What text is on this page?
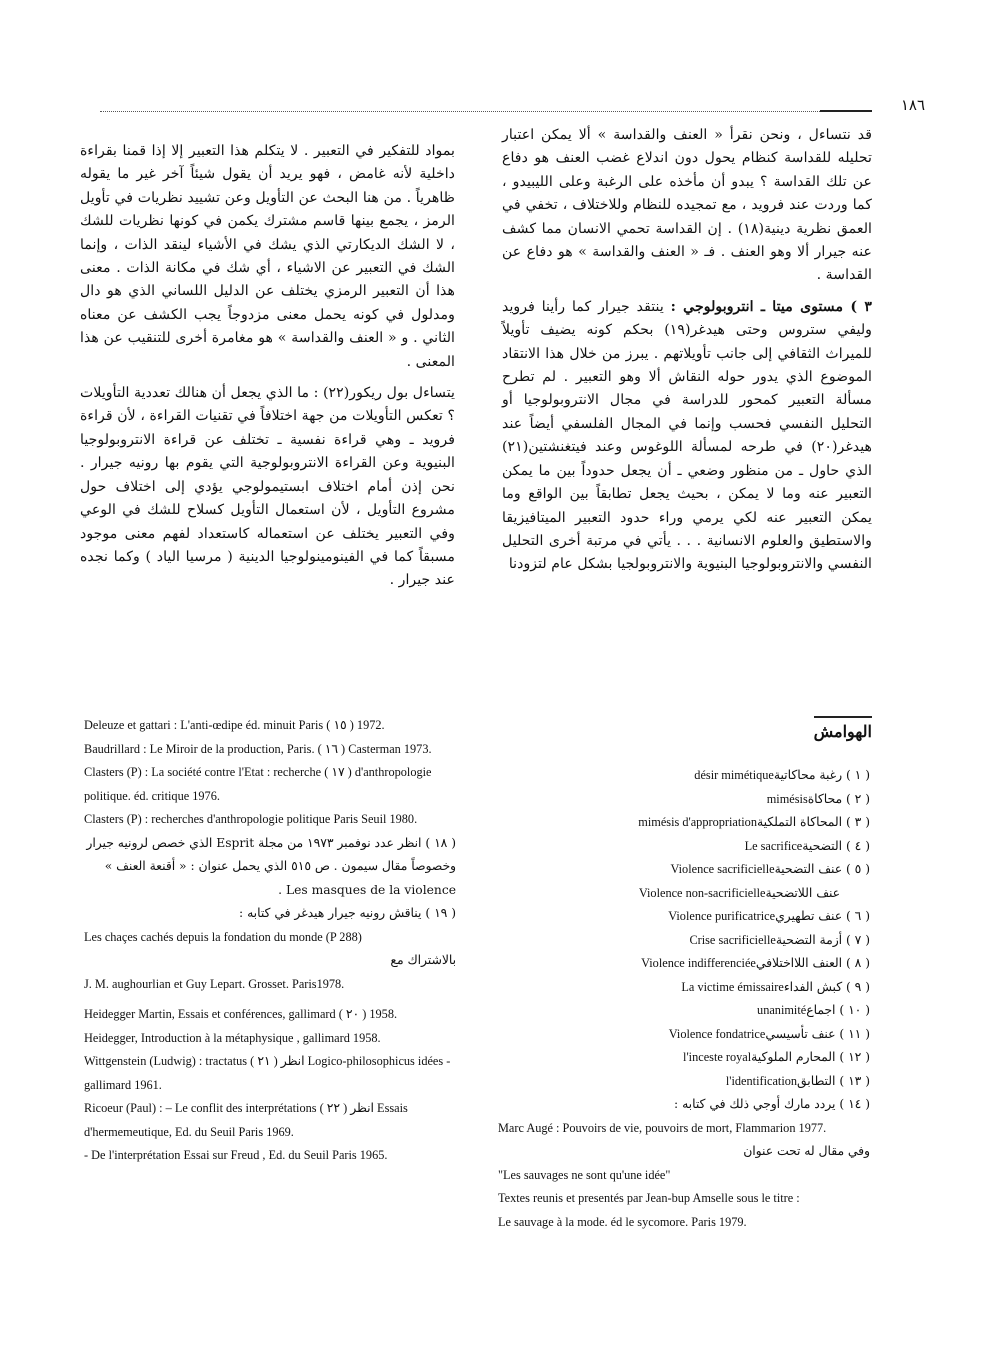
١٨٦

قد نتساءل ، ونحن نقرأ « العنف والقداسة » ألا يمكن اعتبار تحليله للقداسة كنظام يحول دون اندلاع غضب العنف هو دفاع عن تلك القداسة ؟ يبدو أن مأخذه على الرغبة وعلى الليبيدو ، كما وردت عند فرويد ، مع تمجيده للنظام وللاختلاف ، تخفي في العمق نظرية دينية(١٨) . إن القداسة تحمي الانسان مما كشف عنه جيرار ألا وهو العنف . فـ « العنف والقداسة » هو دفاع عن القداسة .

٣ ) مستوى ميتا ـ انتروبولوجي : ينتقد جيرار كما رأينا فرويد وليفي ستروس وحتى هيدغر(١٩) بحكم كونه يضيف تأويلاً للميراث الثقافي إلى جانب تأويلاتهم . يبرز من خلال هذا الانتقاد الموضوع الذي يدور حوله النقاش ألا وهو التعبير . لم تطرح مسألة التعبير كمحور للدراسة في مجال الانتروبولوجيا أو التحليل النفسي فحسب وإنما في المجال الفلسفي أيضاً عند هيدغر(٢٠) في طرحه لمسألة اللوغوس وعند فيتغنشتين(٢١) الذي حاول ـ من منظور وضعي ـ أن يجعل حدوداً بين ما يمكن التعبير عنه وما لا يمكن ، بحيث يجعل تطابقاً بين الواقع وما يمكن التعبير عنه لكي يرمي وراء حدود التعبير الميتافيزيقا والاستطيق والعلوم الانسانية . . . يأتي في مرتبة أخرى التحليل النفسي والانتروبولوجيا البنيوية والانتروبولجيا بشكل عام لتزودنا

بمواد للتفكير في التعبير . لا يتكلم هذا التعبير إلا إذا قمنا بقراءة داخلية لأنه غامض ، فهو يريد أن يقول شيئاً آخر غير ما يقوله ظاهرياً . من هنا البحث عن التأويل وعن تشييد نظريات في تأويل الرمز ، يجمع بينها قاسم مشترك يكمن في كونها نظريات للشك ، لا الشك الديكارتي الذي يشك في الأشياء لينقد الذات ، وإنما الشك في التعبير عن الاشياء ، أي شك في مكانة الذات . معنى هذا أن التعبير الرمزي يختلف عن الدليل اللساني الذي هو دال ومدلول في كونه يحمل معنى مزدوجاً يجب الكشف عن معناه الثاني . و « العنف والقداسة » هو مغامرة أخرى للتنقيب عن هذا المعنى .

يتساءل بول ريكور(٢٢) : ما الذي يجعل أن هنالك تعددية التأويلات ؟ تعكس التأويلات من جهة اختلافاً في تقنيات القراءة ، لأن قراءة فرويد ـ وهي قراءة نفسية ـ تختلف عن قراءة الانتروبولوجيا البنيوية وعن القراءة الانتروبولوجية التي يقوم بها رونيه جيرار . نحن إذن أمام اختلاف ابستيمولوجي يؤدي إلى اختلاف حول مشروع التأويل ، لأن استعمال التأويل كسلاح للشك في الوعي وفي التعبير يختلف عن استعماله كاستعداد لفهم معنى موجود مسبقاً كما في الفينومينولوجيا الدينية ( مرسيا الياد ) وكما نجده عند جيرار .

الهوامش
( ١ ) رغبة محاكاتيةdésir mimétique
( ٢ ) محاكاةmimésis
( ٣ ) المحاكاة التملكيةmimésis d'appropriation
( ٤ ) التضحيةLe sacrifice
( ٥ ) عنف التضحيةViolence sacrificielle
عنف اللاتضحيةViolence non-sacrificielle
( ٦ ) عنف تطهيريViolence purificatrice
( ٧ ) أزمة التضحيةCrise sacrificielle
( ٨ ) العنف اللااختلافيViolence indifferenciée
( ٩ ) كبش الفداءLa victime émissaire
( ١٠ ) اجماعunanimité
( ١١ ) عنف تأسيسيViolence fondatrice
( ١٢ ) المحارم الملوكيةl'inceste royal
( ١٣ ) التطابقl'identification
( ١٤ ) يردد مارك أوجي ذلك في كتابه :
Marc Augé : Pouvoirs de vie, pouvoirs de mort, Flammarion 1977.
وفي مقال له تحت عنوان
"Les sauvages ne sont qu'une idée"
Textes reunis et presentés par Jean-bup Amselle sous le titre :
Le sauvage à la mode. éd le sycomore. Paris 1979.
Deleuze et gattari : L'anti-œdipe éd. minuit Paris ( ١٥ ) 1972.
Baudrillard : Le Miroir de la production, Paris. ( ١٦ ) Casterman 1973.
Clasters (P) : La société contre l'Etat : recherche ( ١٧ ) d'anthropologie politique. éd. critique 1976.
Clasters (P) : recherches d'anthropologie politique Paris Seuil 1980.
( ١٨ ) انظر عدد نوفمبر ١٩٧٣ من مجلة Esprit الذي خصص لرونيه جيرار وخصوصاً مقال سيمون . ص ٥١٥ الذي يحمل عنوان : « أقنعة العنف » Les masques de la violence .
( ١٩ ) يناقش رونيه جيرار هيدغر في كتابه :
Les chaçes cachés depuis la fondation du monde (P 288)
بالاشتراك مع
J. M. aughourlian et Guy Lepart. Grosset. Paris1978.
Heidegger Martin, Essais et conférences, gallimard ( ٢٠ ) 1958.
Heidegger, Introduction à la métaphysique , gallimard 1958.
Wittgenstein (Ludwig) : tractatus انظر ( ٢١ ) Logico-philosophicus idées -gallimard 1961.
Ricoeur (Paul) : – Le conflit des interprétations انظر ( ٢٢ ) Essais d'hermemeutique, Ed. du Seuil Paris 1969.
- De l'interprétation Essai sur Freud , Ed. du Seuil Paris 1965.
